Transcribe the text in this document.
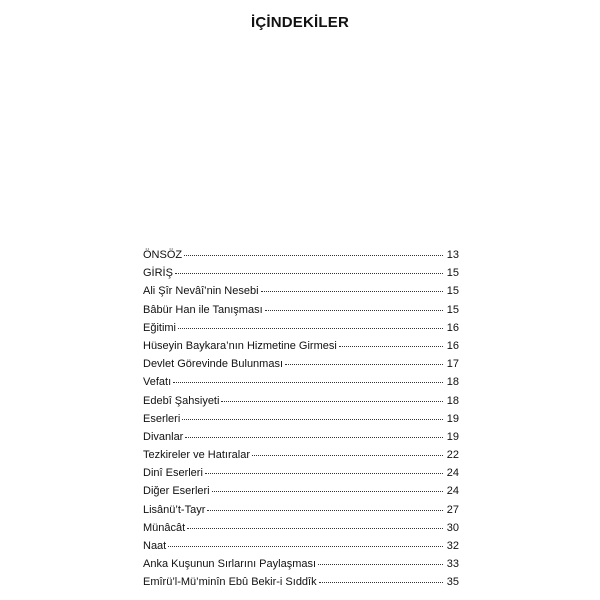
İÇİNDEKİLER
ÖNSÖZ	13
GİRİŞ	15
Ali Şîr Nevâî’nin Nesebi	15
Bâbür Han ile Tanışması	15
Eğitimi	16
Hüseyin Baykara’nın Hizmetine Girmesi	16
Devlet Görevinde Bulunması	17
Vefatı	18
Edebî Şahsiyeti	18
Eserleri	19
Divanlar	19
Tezkireler ve Hatıralar	22
Dinî Eserleri	24
Diğer Eserleri	24
Lisânü’t-Tayr	27
Münâcât	30
Naat	32
Anka Kuşunun Sırlarını Paylaşması	33
Emîrü’l-Mü’minîn Ebû Bekir-i Sıddîk	35
